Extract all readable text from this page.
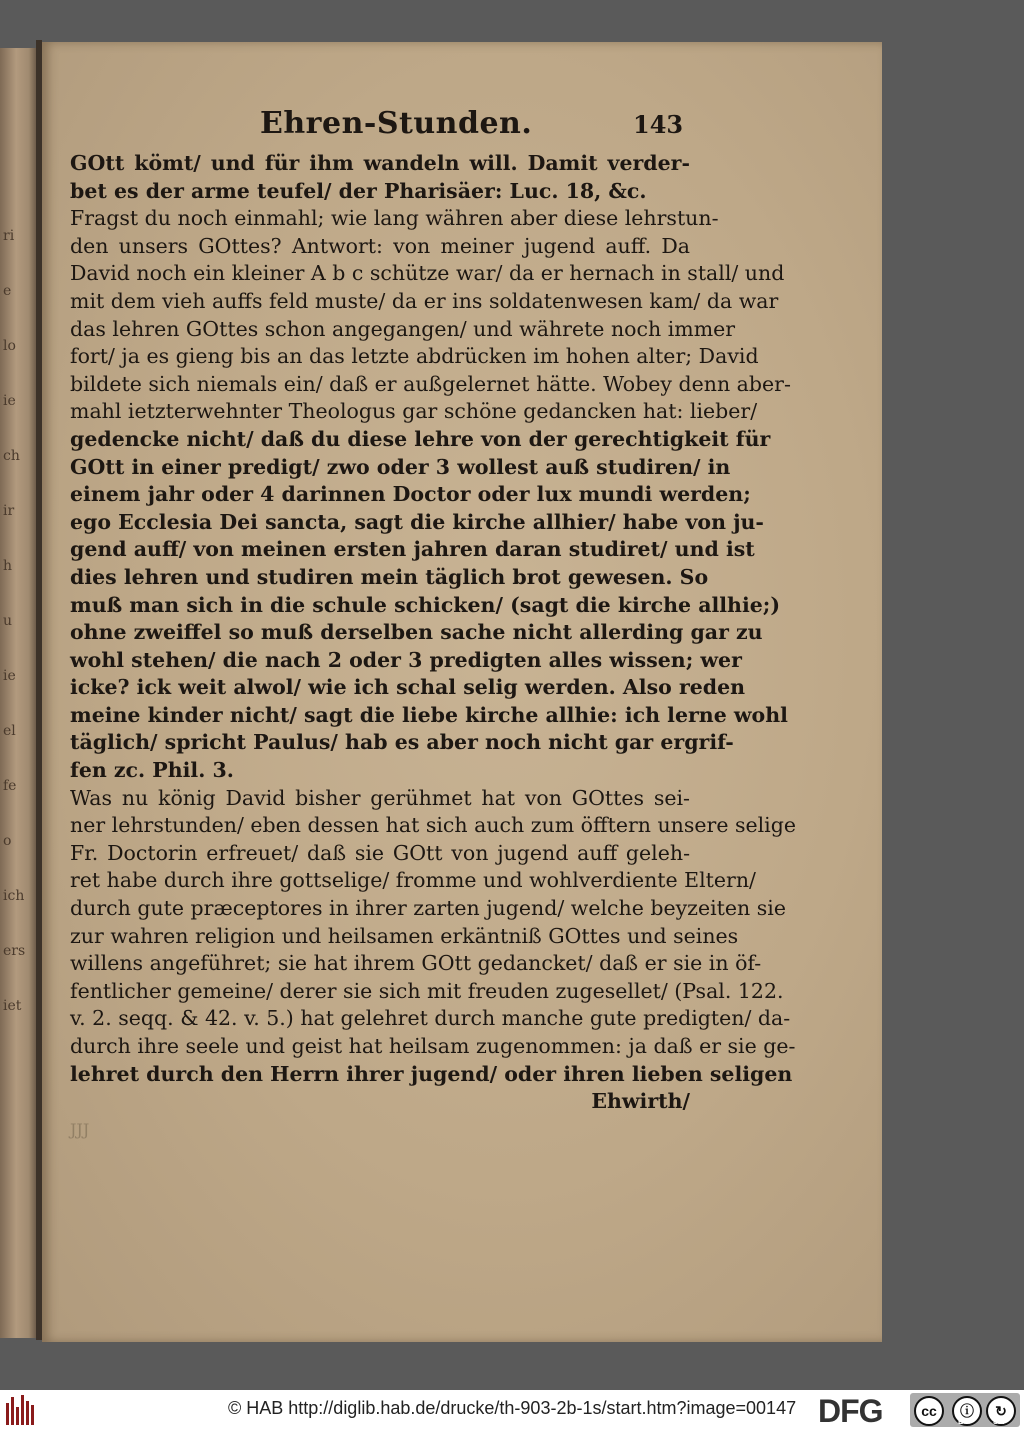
ri
e
lo
ie
ch
ir
h
u
ie
el
fe
o
ich
ers
iet
Ehren-Stunden.	143
GOtt kömt/ und für ihm wandeln will. Damit verder-
bet es der arme teufel/ der Pharisäer: Luc. 18, &c.
Fragst du noch einmahl; wie lang währen aber diese lehrstun-
den unsers GOttes? Antwort: von meiner jugend auff. Da
David noch ein kleiner A b c schütze war/ da er hernach in stall/ und
mit dem vieh auffs feld muste/ da er ins soldatenwesen kam/ da war
das lehren GOttes schon angegangen/ und währete noch immer
fort/ ja es gieng bis an das letzte abdrücken im hohen alter; David
bildete sich niemals ein/ daß er außgelernet hätte. Wobey denn aber-
mahl ietzterwehnter Theologus gar schöne gedancken hat: lieber/
gedencke nicht/ daß du diese lehre von der gerechtigkeit für
GOtt in einer predigt/ zwo oder 3 wollest auß studiren/ in
einem jahr oder 4 darinnen Doctor oder lux mundi werden;
ego Ecclesia Dei sancta, sagt die kirche allhier/ habe von ju-
gend auff/ von meinen ersten jahren daran studiret/ und ist
dies lehren und studiren mein täglich brot gewesen. So
muß man sich in die schule schicken/ (sagt die kirche allhie;)
ohne zweiffel so muß derselben sache nicht allerding gar zu
wohl stehen/ die nach 2 oder 3 predigten alles wissen; wer
icke? ick weit alwol/ wie ich schal selig werden. Also reden
meine kinder nicht/ sagt die liebe kirche allhie: ich lerne wohl
täglich/ spricht Paulus/ hab es aber noch nicht gar ergrif-
fen zc. Phil. 3.
Was nu könig David bisher gerühmet hat von GOttes sei-
ner lehrstunden/ eben dessen hat sich auch zum öfftern unsere selige
Fr. Doctorin erfreuet/ daß sie GOtt von jugend auff geleh-
ret habe durch ihre gottselige/ fromme und wohlverdiente Eltern/
durch gute præceptores in ihrer zarten jugend/ welche beyzeiten sie
zur wahren religion und heilsamen erkäntniß GOttes und seines
willens angeführet; sie hat ihrem GOtt gedancket/ daß er sie in öf-
fentlicher gemeine/ derer sie sich mit freuden zugesellet/ (Psal. 122.
v. 2. seqq. & 42. v. 5.) hat gelehret durch manche gute predigten/ da-
durch ihre seele und geist hat heilsam zugenommen: ja daß er sie ge-
lehret durch den Herrn ihrer jugend/ oder ihren lieben seligen
Ehwirth/
JJJ
© HAB http://diglib.hab.de/drucke/th-903-2b-1s/start.htm?image=00147 DFG	cc	ⓘ	↻
BY	SA
